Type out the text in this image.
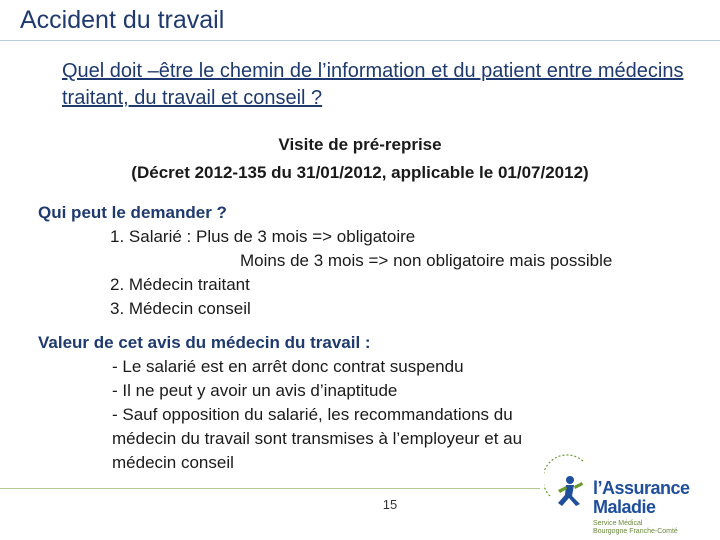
Accident du travail
Quel doit –être le chemin de l’information et du patient entre médecins traitant, du travail et conseil ?
Visite de pré-reprise
(Décret 2012-135 du 31/01/2012, applicable le 01/07/2012)
Qui peut le demander ?
1. Salarié : Plus de 3 mois => obligatoire
Moins de 3 mois => non obligatoire mais possible
2. Médecin traitant
3. Médecin conseil
Valeur de cet avis du médecin du travail :
- Le salarié est en arrêt donc contrat suspendu
- Il ne peut y avoir un avis d’inaptitude
- Sauf opposition du salarié, les recommandations du
médecin du travail sont transmises à l’employeur et au
médecin conseil
15
l’Assurance
Maladie
Service Médical
Bourgogne Franche-Comté
